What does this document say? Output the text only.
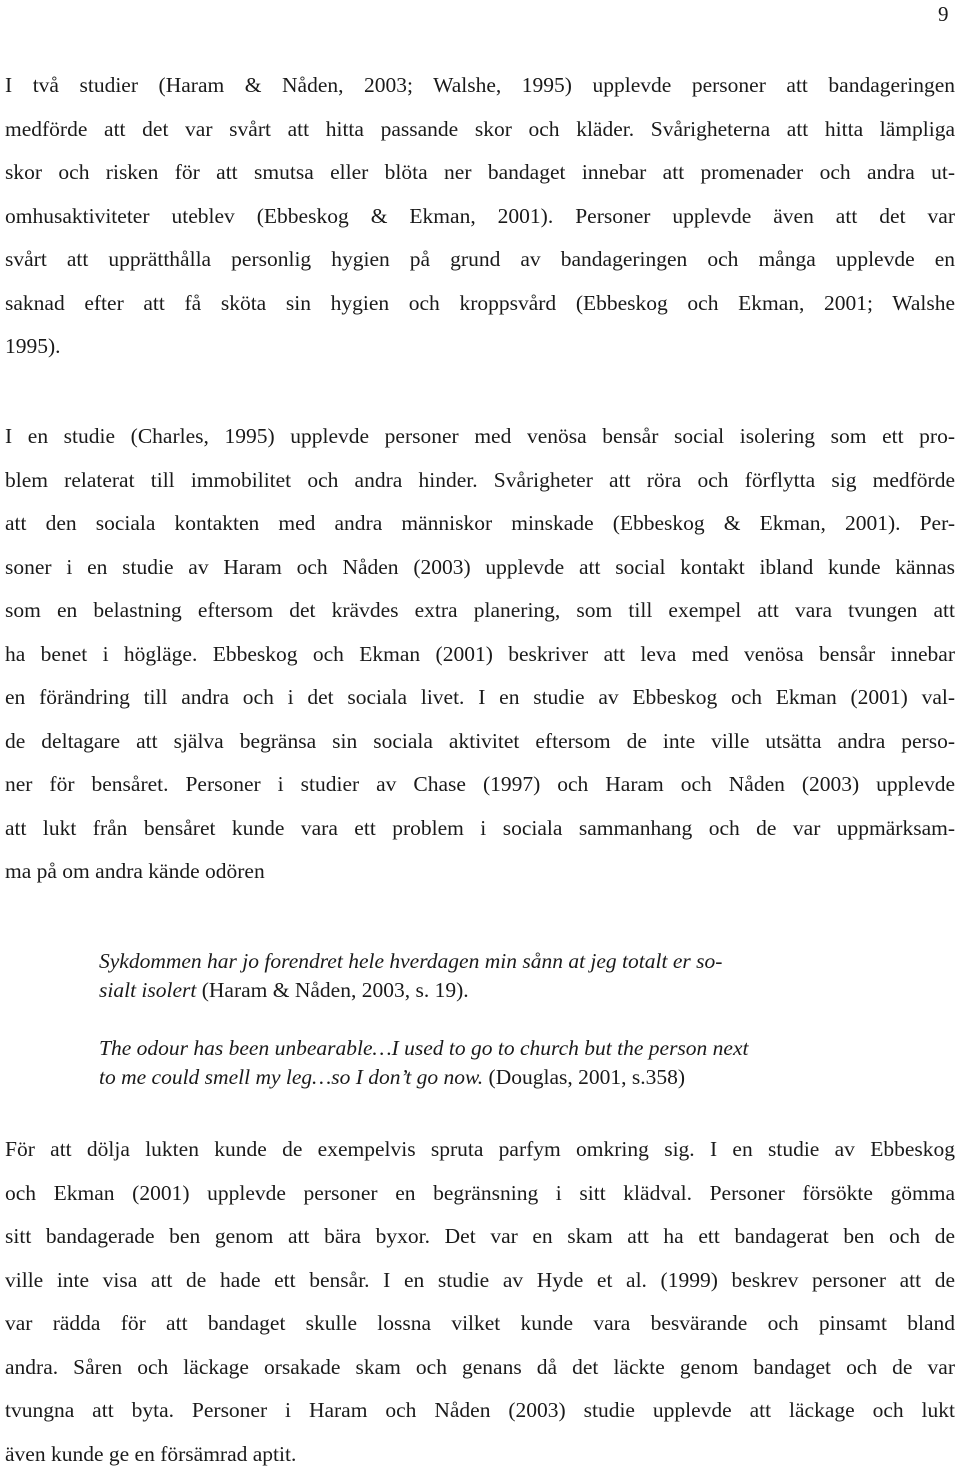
9

I två studier (Haram & Nåden, 2003; Walshe, 1995) upplevde personer att bandageringen
medförde att det var svårt att hitta passande skor och kläder. Svårigheterna att hitta lämpliga
skor och risken för att smutsa eller blöta ner bandaget innebar att promenader och andra ut-
omhusaktiviteter uteblev (Ebbeskog & Ekman, 2001). Personer upplevde även att det var
svårt att upprätthålla personlig hygien på grund av bandageringen och många upplevde en
saknad efter att få sköta sin hygien och kroppsvård (Ebbeskog och Ekman, 2001; Walshe
1995).

I en studie (Charles, 1995) upplevde personer med venösa bensår social isolering som ett pro-
blem relaterat till immobilitet och andra hinder. Svårigheter att röra och förflytta sig medförde
att den sociala kontakten med andra människor minskade (Ebbeskog & Ekman, 2001). Per-
soner i en studie av Haram och Nåden (2003) upplevde att social kontakt ibland kunde kännas
som en belastning eftersom det krävdes extra planering, som till exempel att vara tvungen att
ha benet i högläge. Ebbeskog och Ekman (2001) beskriver att leva med venösa bensår innebar
en förändring till andra och i det sociala livet. I en studie av Ebbeskog och Ekman (2001) val-
de deltagare att själva begränsa sin sociala aktivitet eftersom de inte ville utsätta andra perso-
ner för bensåret. Personer i studier av Chase (1997) och Haram och Nåden (2003) upplevde
att lukt från bensåret kunde vara ett problem i sociala sammanhang och de var uppmärksam-
ma på om andra kände odören

Sykdommen har jo forendret hele hverdagen min sånn at jeg totalt er so-
sialt isolert (Haram & Nåden, 2003, s. 19).
The odour has been unbearable…I used to go to church but the person next
to me could smell my leg…so I don’t go now. (Douglas, 2001, s.358)

För att dölja lukten kunde de exempelvis spruta parfym omkring sig. I en studie av Ebbeskog
och Ekman (2001) upplevde personer en begränsning i sitt klädval. Personer försökte gömma
sitt bandagerade ben genom att bära byxor. Det var en skam att ha ett bandagerat ben och de
ville inte visa att de hade ett bensår. I en studie av Hyde et al. (1999) beskrev personer att de
var rädda för att bandaget skulle lossna vilket kunde vara besvärande och pinsamt bland
andra. Såren och läckage orsakade skam och genans då det läckte genom bandaget och de var
tvungna att byta. Personer i Haram och Nåden (2003) studie upplevde att läckage och lukt
även kunde ge en försämrad aptit.
